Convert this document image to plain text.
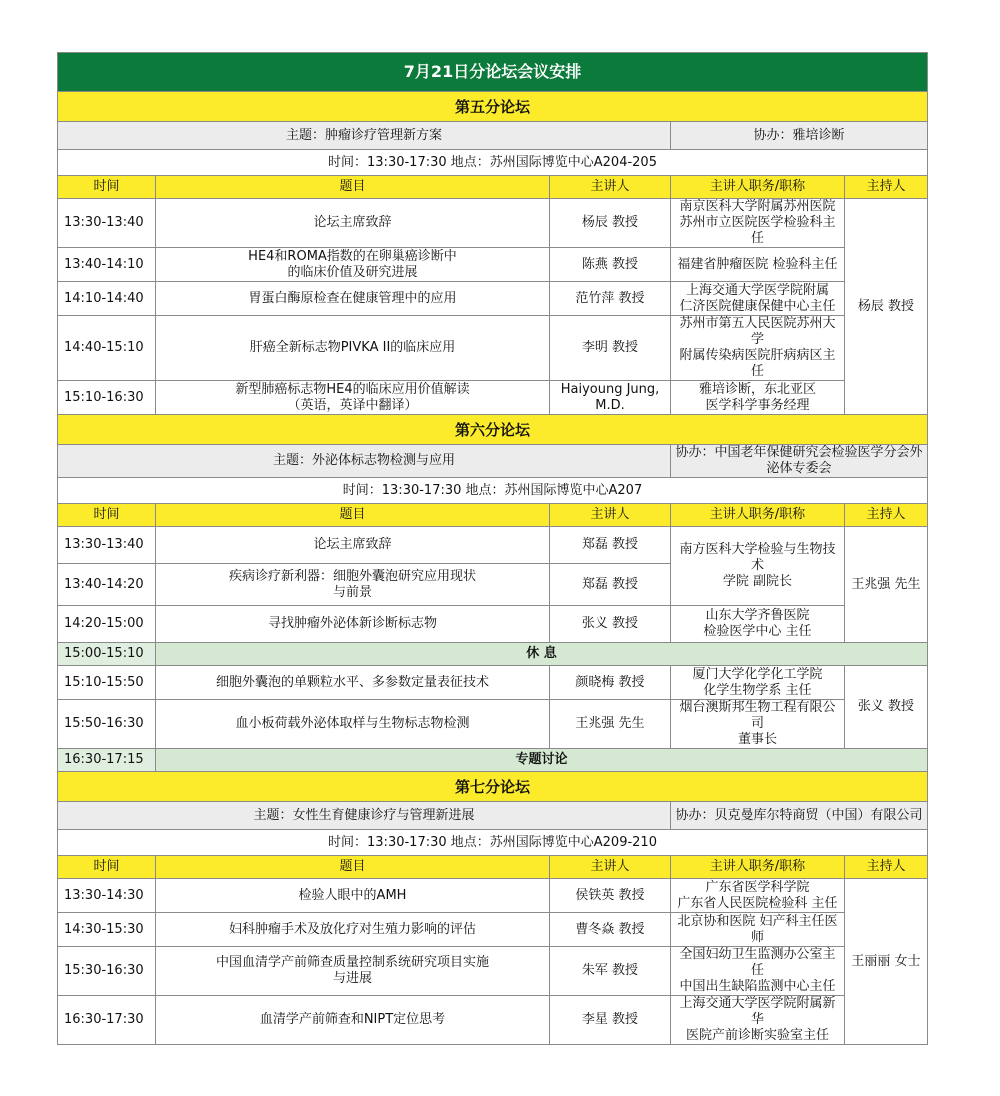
7月21日分论坛会议安排				
第五分论坛				
主题：肿瘤诊疗管理新方案			协办：雅培诊断	
时间：13:30-17:30 地点：苏州国际博览中心A204-205				
时间	题目	主讲人	主讲人职务/职称	主持人
13:30-13:40	论坛主席致辞	杨辰 教授	南京医科大学附属苏州医院
苏州市立医院医学检验科主任	杨辰 教授
13:40-14:10	HE4和ROMA指数的在卵巢癌诊断中
的临床价值及研究进展	陈燕 教授	福建省肿瘤医院 检验科主任	
14:10-14:40	胃蛋白酶原检查在健康管理中的应用	范竹萍 教授	上海交通大学医学院附属
仁济医院健康保健中心主任	
14:40-15:10	肝癌全新标志物PIVKA II的临床应用	李明 教授	苏州市第五人民医院苏州大学
附属传染病医院肝病病区主任	
15:10-16:30	新型肺癌标志物HE4的临床应用价值解读
（英语，英译中翻译）	Haiyoung Jung,
M.D.	雅培诊断，东北亚区
医学科学事务经理	
第六分论坛				
主题：外泌体标志物检测与应用			协办：中国老年保健研究会检验医学分会外泌体专委会	
时间：13:30-17:30 地点：苏州国际博览中心A207				
时间	题目	主讲人	主讲人职务/职称	主持人
13:30-13:40	论坛主席致辞	郑磊 教授	南方医科大学检验与生物技术
学院 副院长	王兆强 先生
13:40-14:20	疾病诊疗新利器：细胞外囊泡研究应用现状
与前景	郑磊 教授		
14:20-15:00	寻找肿瘤外泌体新诊断标志物	张义 教授	山东大学齐鲁医院
检验医学中心 主任	
15:00-15:10	休 息			
15:10-15:50	细胞外囊泡的单颗粒水平、多参数定量表征技术	颜晓梅 教授	厦门大学化学化工学院
化学生物学系 主任	张义 教授
15:50-16:30	血小板荷载外泌体取样与生物标志物检测	王兆强 先生	烟台澳斯邦生物工程有限公司
董事长	
16:30-17:15	专题讨论			
第七分论坛				
主题：女性生育健康诊疗与管理新进展			协办：贝克曼库尔特商贸（中国）有限公司	
时间：13:30-17:30 地点：苏州国际博览中心A209-210				
时间	题目	主讲人	主讲人职务/职称	主持人
13:30-14:30	检验人眼中的AMH	侯铁英 教授	广东省医学科学院
广东省人民医院检验科 主任	王丽丽 女士
14:30-15:30	妇科肿瘤手术及放化疗对生殖力影响的评估	曹冬焱 教授	北京协和医院 妇产科主任医师	
15:30-16:30	中国血清学产前筛查质量控制系统研究项目实施
与进展	朱军 教授	全国妇幼卫生监测办公室主任
中国出生缺陷监测中心主任	
16:30-17:30	血清学产前筛查和NIPT定位思考	李星 教授	上海交通大学医学院附属新华
医院产前诊断实验室主任	
